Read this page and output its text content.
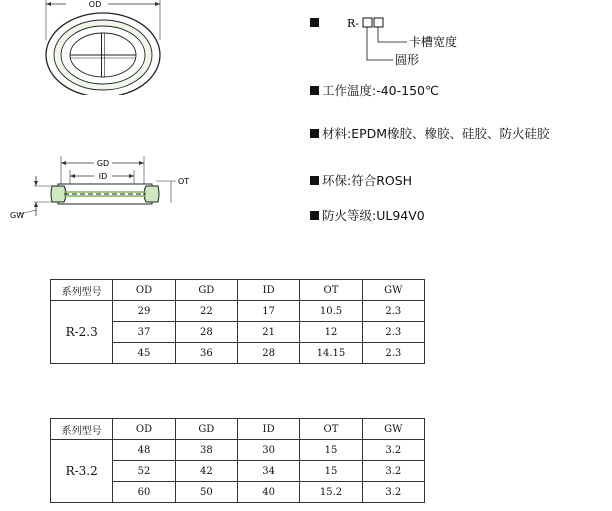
OD
GD
ID
OT
GW
R-
卡槽宽度
圆形
工作温度:-40-150℃
材料:EPDM橡胶、橡胶、硅胶、防火硅胶
环保:符合ROSH
防火等级:UL94V0
系列型号	OD	GD	ID	OT	GW
R-2.3	29	22	17	10.5	2.3
	37	28	21	12	2.3
	45	36	28	14.15	2.3
系列型号	OD	GD	ID	OT	GW
R-3.2	48	38	30	15	3.2
	52	42	34	15	3.2
	60	50	40	15.2	3.2
